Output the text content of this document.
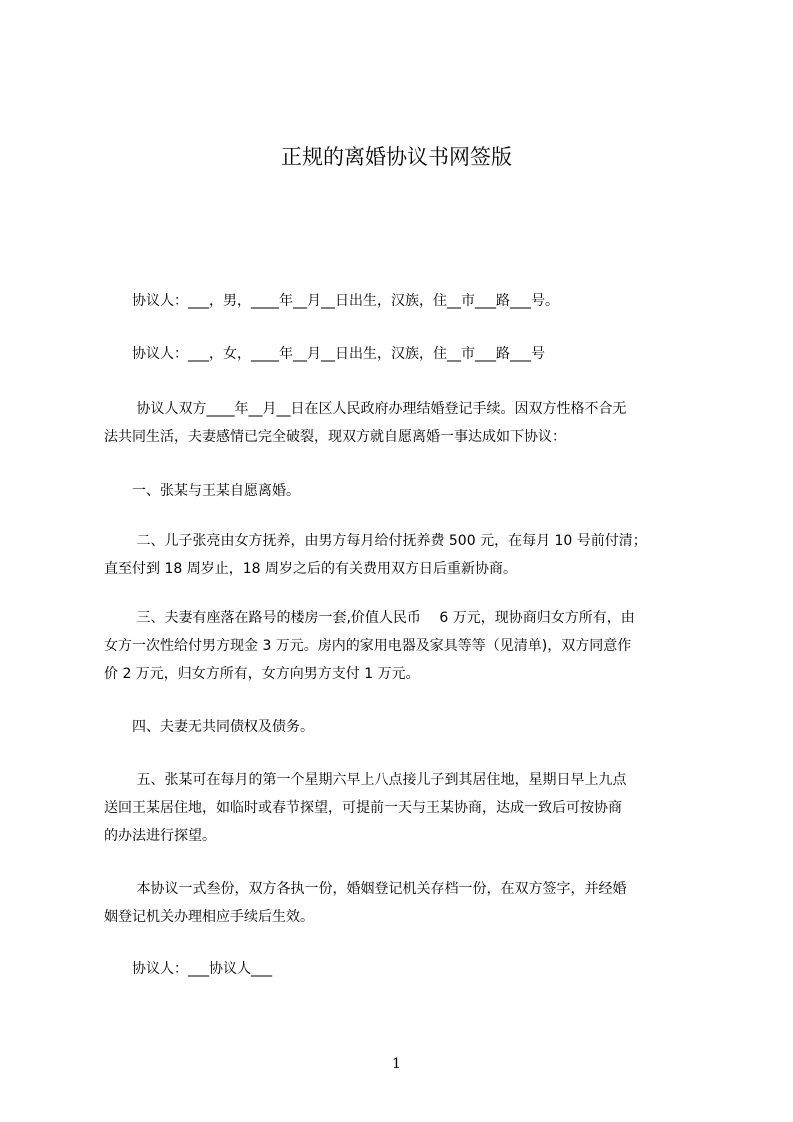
正规的离婚协议书网签版
　　协议人：___，男，____年__月__日出生，汉族，住__市___路___号。
　　协议人：___，女，____年__月__日出生，汉族，住__市___路___号
　　 协议人双方____年__月__日在区人民政府办理结婚登记手续。因双方性格不合无
法共同生活，夫妻感情已完全破裂，现双方就自愿离婚一事达成如下协议：
　　一、张某与王某自愿离婚。
　　 二、儿子张亮由女方抚养，由男方每月给付抚养费 500 元，在每月 10 号前付清；
直至付到 18 周岁止，18 周岁之后的有关费用双方日后重新协商。
　　 三、夫妻有座落在路号的楼房一套,价值人民币　 6 万元，现协商归女方所有，由
女方一次性给付男方现金 3 万元。房内的家用电器及家具等等（见清单)，双方同意作
价 2 万元，归女方所有，女方向男方支付 1 万元。
　　四、夫妻无共同债权及债务。
　　 五、张某可在每月的第一个星期六早上八点接儿子到其居住地，星期日早上九点
送回王某居住地，如临时或春节探望，可提前一天与王某协商，达成一致后可按协商
的办法进行探望。
　　 本协议一式叁份，双方各执一份，婚姻登记机关存档一份，在双方签字，并经婚
姻登记机关办理相应手续后生效。
　　协议人：___协议人___
1
